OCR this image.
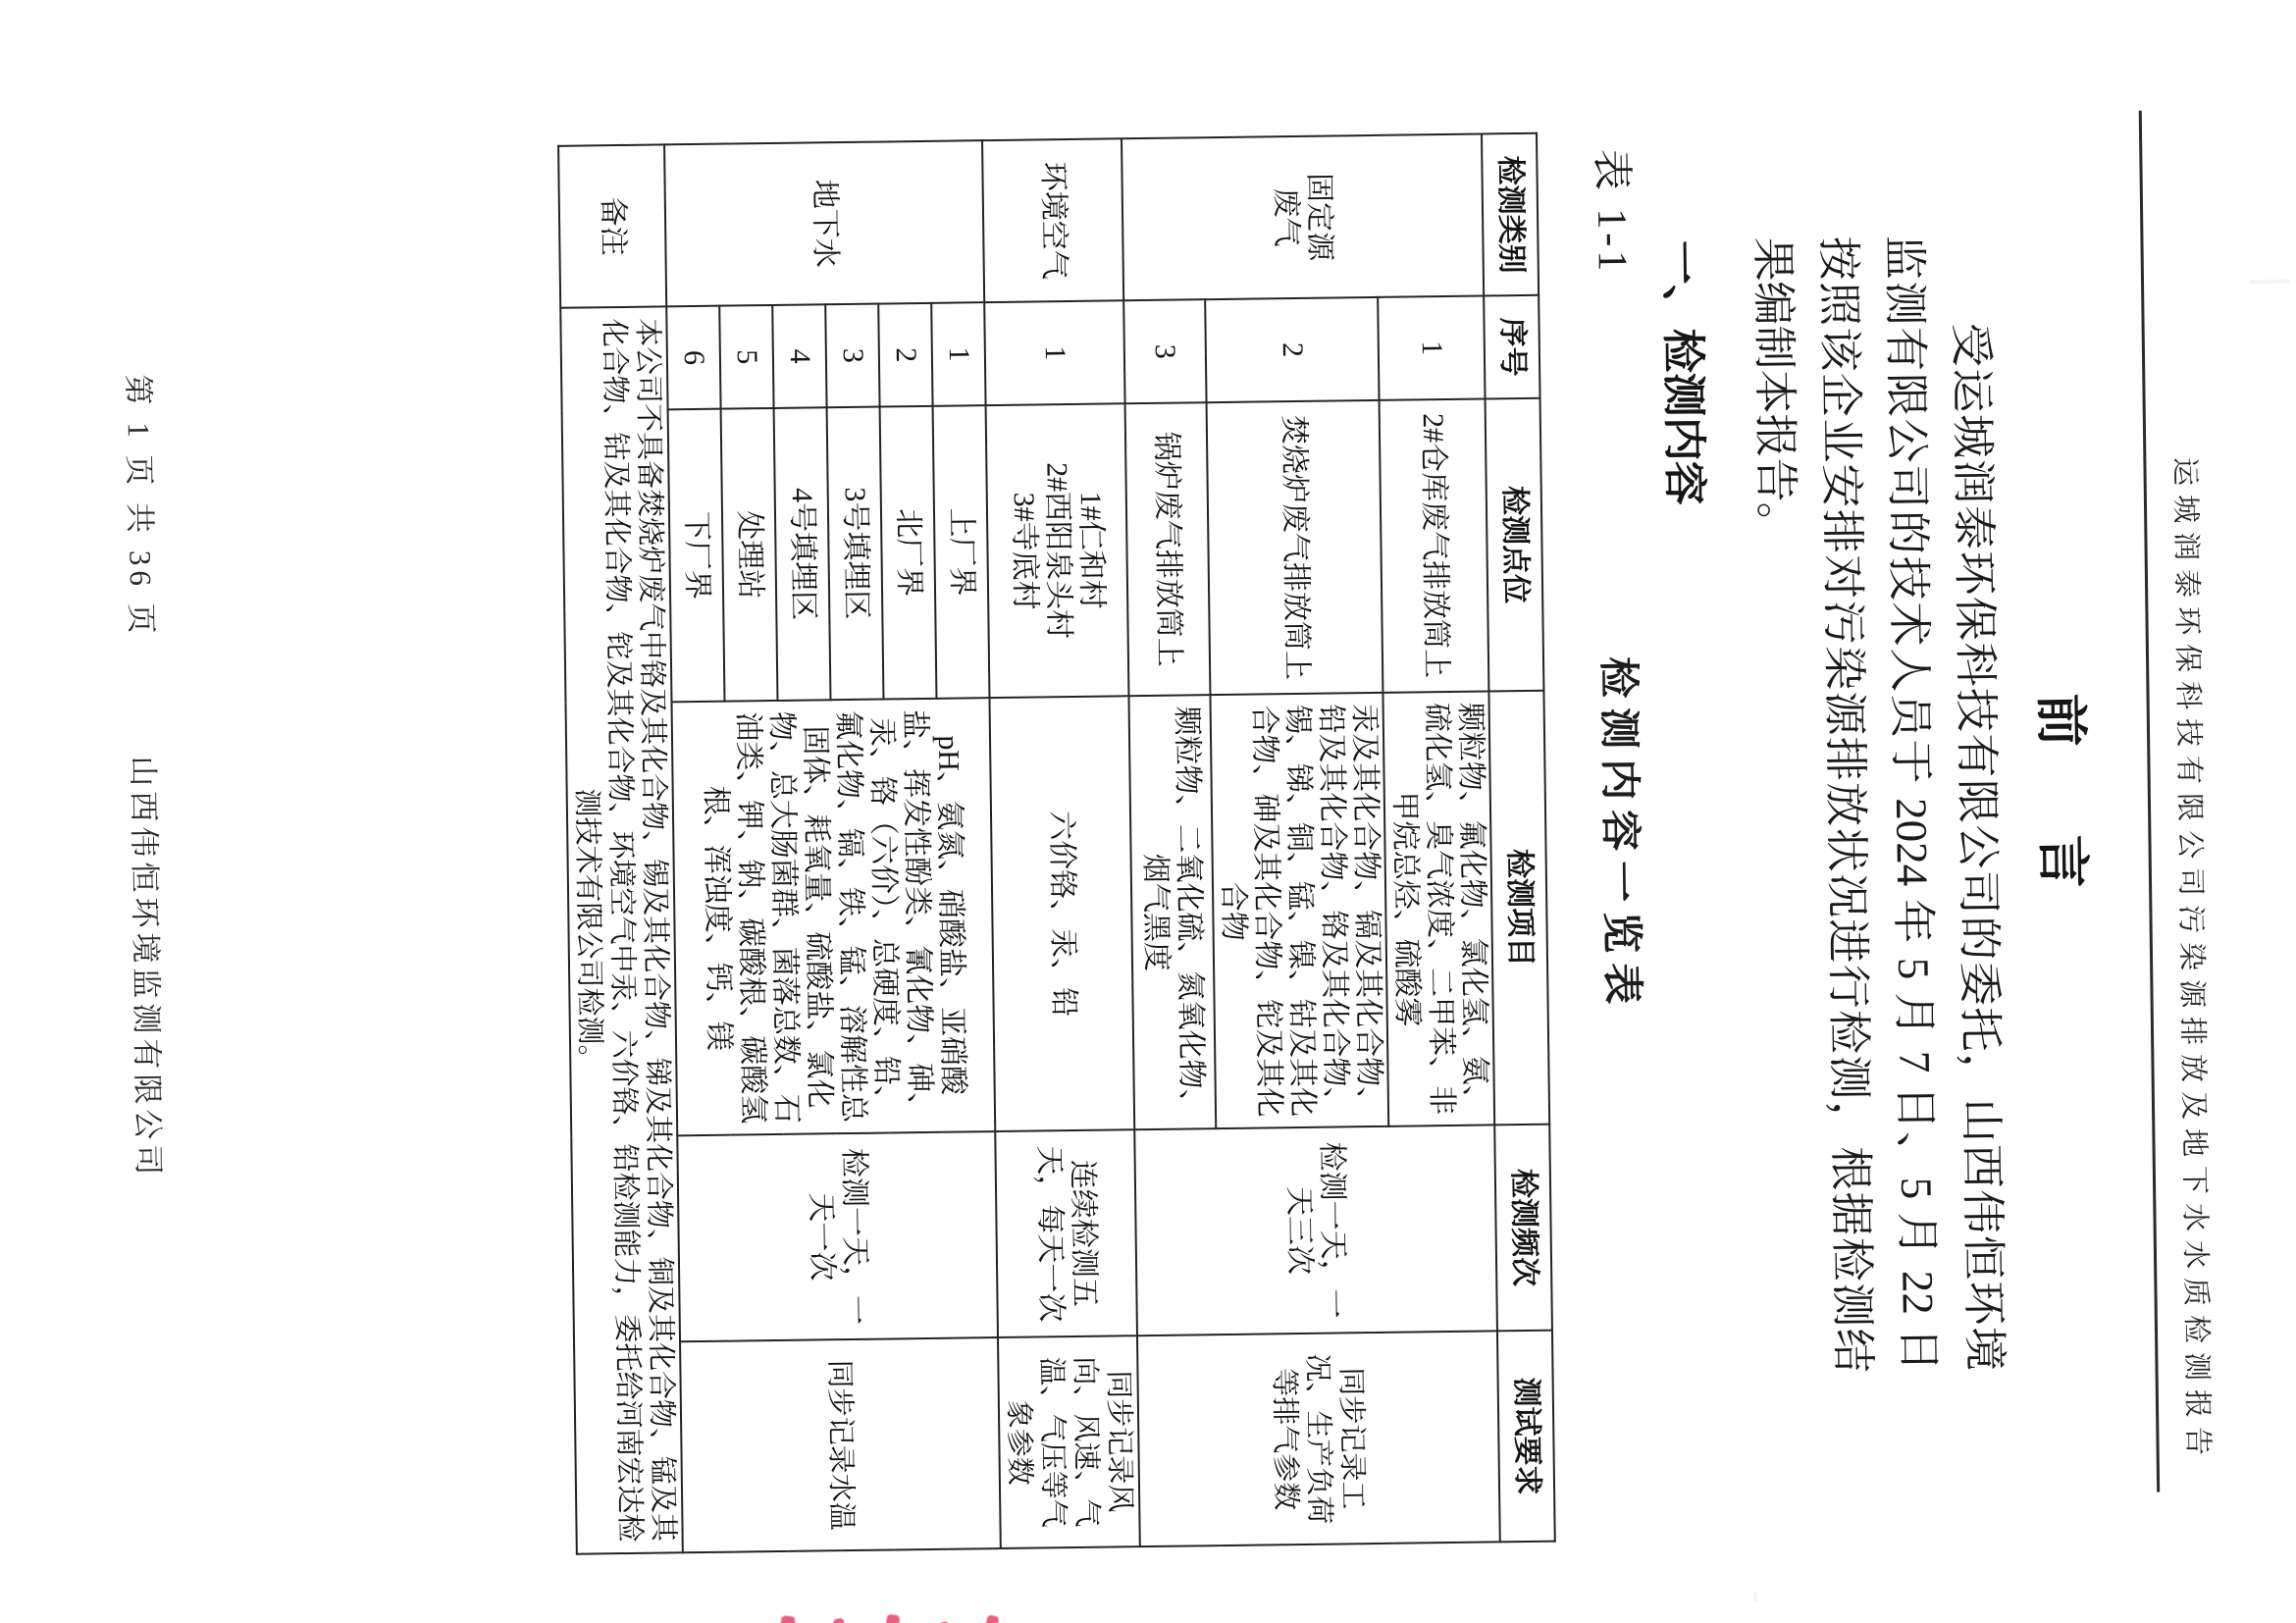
运城润泰环保科技有限公司污染源排放及地下水水质检测报告
前　言

受运城润泰环保科技有限公司的委托，山西伟恒环境监测有限公司的技术人员于 2024 年 5 月 7 日、5 月 22 日按照该企业安排对污染源排放状况进行检测，根据检测结果编制本报告。

一、检测内容
表 1-1
检测内容一览表
检测类别	序号	检测点位	检测项目	检测频次	测试要求
固定源
废气	1	2#仓库废气排放筒上	颗粒物、氟化物、氯化氢、氨、硫化氢、臭气浓度、二甲苯、非甲烷总烃、硫酸雾	检测一天，一天三次	同步记录工况、生产负荷等排气参数
	2	焚烧炉废气排放筒上	汞及其化合物、镉及其化合物、铅及其化合物、铬及其化合物、锡、锑、铜、锰、镍、钴及其化合物、砷及其化合物、铊及其化合物		
	3	锅炉废气排放筒上	颗粒物、二氧化硫、氮氧化物、烟气黑度		
环境空气	1	1#仁和村
2#西阳泉头村
3#寺底村	六价铬、汞、铅	连续检测五天，每天一次	同步记录风向、风速、气温、气压等气象参数
地下水	1	上厂界	pH、氨氮、硝酸盐、亚硝酸盐、挥发性酚类、氰化物、砷、汞、铬（六价）、总硬度、铅、氟化物、镉、铁、锰、溶解性总固体、耗氧量、硫酸盐、氯化物、总大肠菌群、菌落总数、石油类、钾、钠、碳酸根、碳酸氢根、浑浊度、钙、镁	检测一天，一天一次	同步记录水温
	2	北厂界			
	3	3号填埋区			
	4	4号填埋区			
	5	处理站			
	6	下厂界			
备注	本公司不具备焚烧炉废气中铬及其化合物、锡及其化合物、锑及其化合物、铜及其化合物、锰及其化合物、钴及其化合物、铊及其化合物、环境空气中汞、六价铬、铅检测能力，委托给河南宏达检测技术有限公司检测。				
第 1 页 共 36 页 山西伟恒环境监测有限公司
